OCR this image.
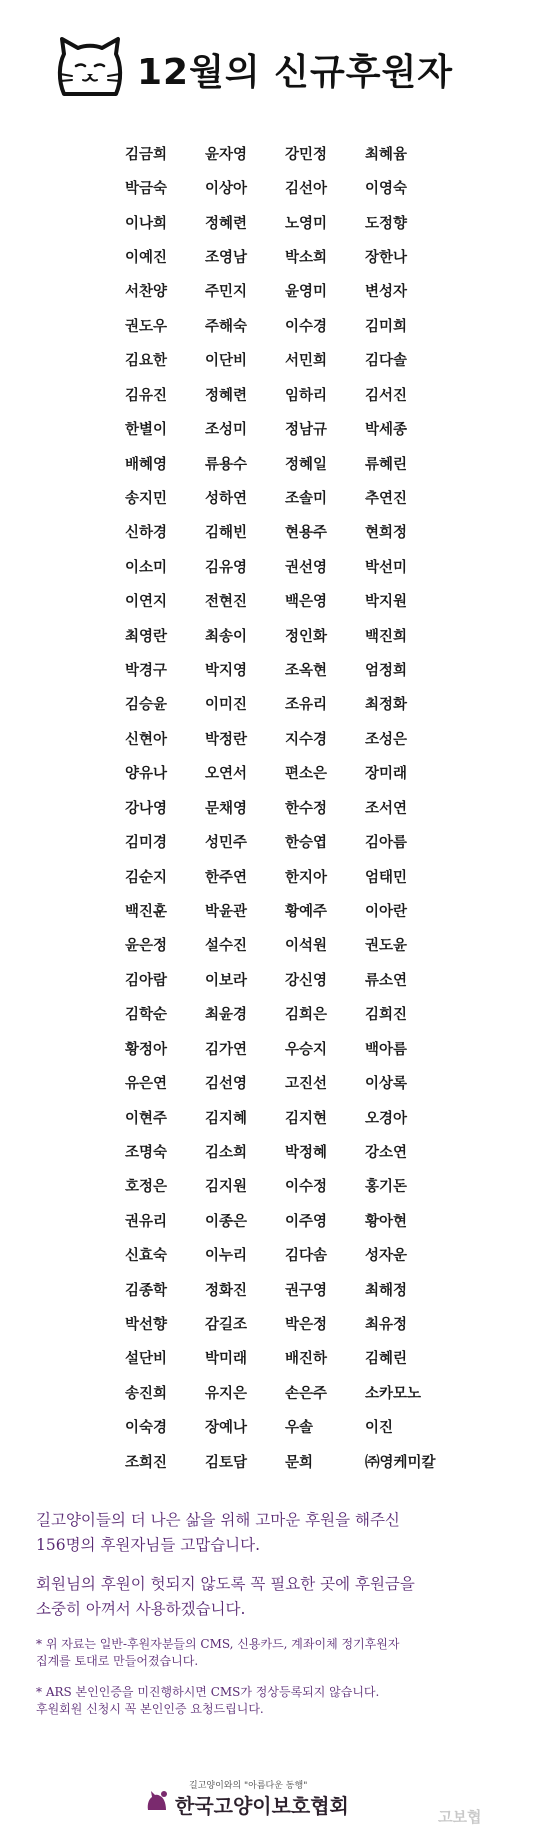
12월의 신규후원자
김금희	윤자영	강민정	최혜윰
박금숙	이상아	김선아	이영숙
이나희	정혜련	노영미	도정향
이예진	조영남	박소희	장한나
서찬양	주민지	윤영미	변성자
권도우	주해숙	이수경	김미희
김요한	이단비	서민희	김다솔
김유진	정혜련	임하리	김서진
한별이	조성미	정남규	박세종
배혜영	류용수	정혜일	류혜린
송지민	성하연	조솔미	추연진
신하경	김해빈	현용주	현희정
이소미	김유영	권선영	박선미
이연지	전현진	백은영	박지원
최영란	최송이	정인화	백진희
박경구	박지영	조옥현	엄정희
김승윤	이미진	조유리	최정화
신현아	박정란	지수경	조성은
양유나	오연서	편소은	장미래
강나영	문채영	한수정	조서연
김미경	성민주	한승엽	김아름
김순지	한주연	한지아	엄태민
백진훈	박윤관	황예주	이아란
윤은정	설수진	이석원	권도윤
김아람	이보라	강신영	류소연
김학순	최윤경	김희은	김희진
황정아	김가연	우승지	백아름
유은연	김선영	고진선	이상록
이현주	김지혜	김지현	오경아
조명숙	김소희	박정혜	강소연
호정은	김지원	이수정	홍기돈
권유리	이종은	이주영	황아현
신효숙	이누리	김다솜	성자운
김종학	정화진	권구영	최해정
박선향	감길조	박은정	최유정
설단비	박미래	배진하	김혜린
송진희	유지은	손은주	소카모노
이숙경	장예나	우솔	이진
조희진	김토담	문희	㈜영케미칼

길고양이들의 더 나은 삶을 위해 고마운 후원을 해주신

156명의 후원자님들 고맙습니다.

회원님의 후원이 헛되지 않도록 꼭 필요한 곳에 후원금을

소중히 아껴서 사용하겠습니다.

* 위 자료는 일반-후원자분들의 CMS, 신용카드, 계좌이체 정기후원자

집계를 토대로 만들어졌습니다.

* ARS 본인인증을 미진행하시면 CMS가 정상등록되지 않습니다.

후원회원 신청시 꼭 본인인증 요청드립니다.

길고양이와의 "아름다운 동행"
한국고양이보호협회	고보협
